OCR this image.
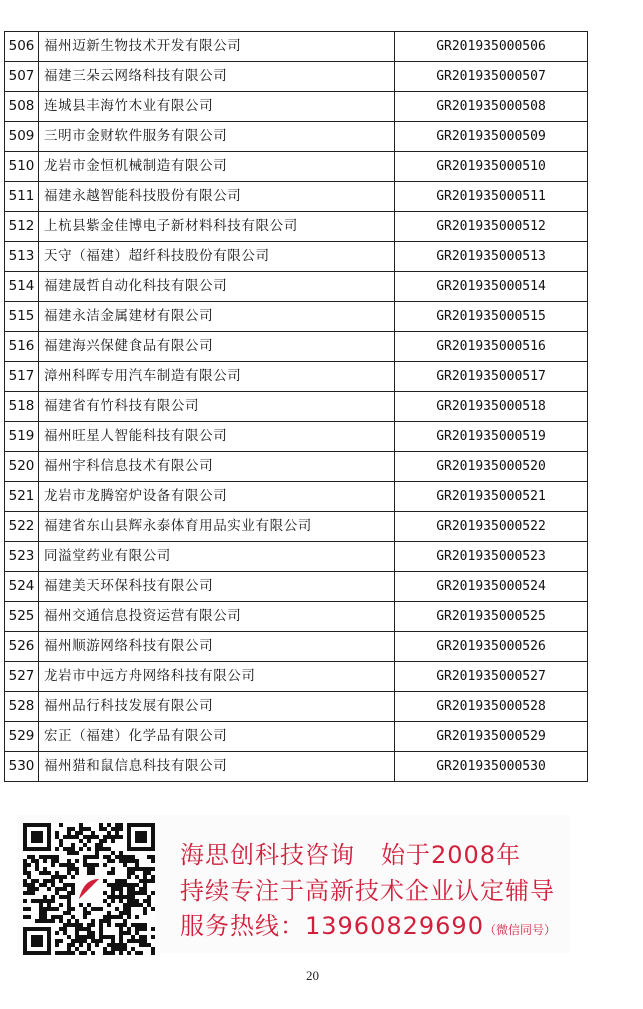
506	福州迈新生物技术开发有限公司	GR201935000506
507	福建三朵云网络科技有限公司	GR201935000507
508	连城县丰海竹木业有限公司	GR201935000508
509	三明市金财软件服务有限公司	GR201935000509
510	龙岩市金恒机械制造有限公司	GR201935000510
511	福建永越智能科技股份有限公司	GR201935000511
512	上杭县紫金佳博电子新材料科技有限公司	GR201935000512
513	天守（福建）超纤科技股份有限公司	GR201935000513
514	福建晟哲自动化科技有限公司	GR201935000514
515	福建永洁金属建材有限公司	GR201935000515
516	福建海兴保健食品有限公司	GR201935000516
517	漳州科晖专用汽车制造有限公司	GR201935000517
518	福建省有竹科技有限公司	GR201935000518
519	福州旺星人智能科技有限公司	GR201935000519
520	福州宇科信息技术有限公司	GR201935000520
521	龙岩市龙腾窑炉设备有限公司	GR201935000521
522	福建省东山县辉永泰体育用品实业有限公司	GR201935000522
523	同溢堂药业有限公司	GR201935000523
524	福建美天环保科技有限公司	GR201935000524
525	福州交通信息投资运营有限公司	GR201935000525
526	福州顺游网络科技有限公司	GR201935000526
527	龙岩市中远方舟网络科技有限公司	GR201935000527
528	福州品行科技发展有限公司	GR201935000528
529	宏正（福建）化学品有限公司	GR201935000529
530	福州猎和鼠信息科技有限公司	GR201935000530
海思创科技咨询 始于2008年
持续专注于高新技术企业认定辅导
服务热线：13960829690（微信同号）
20
